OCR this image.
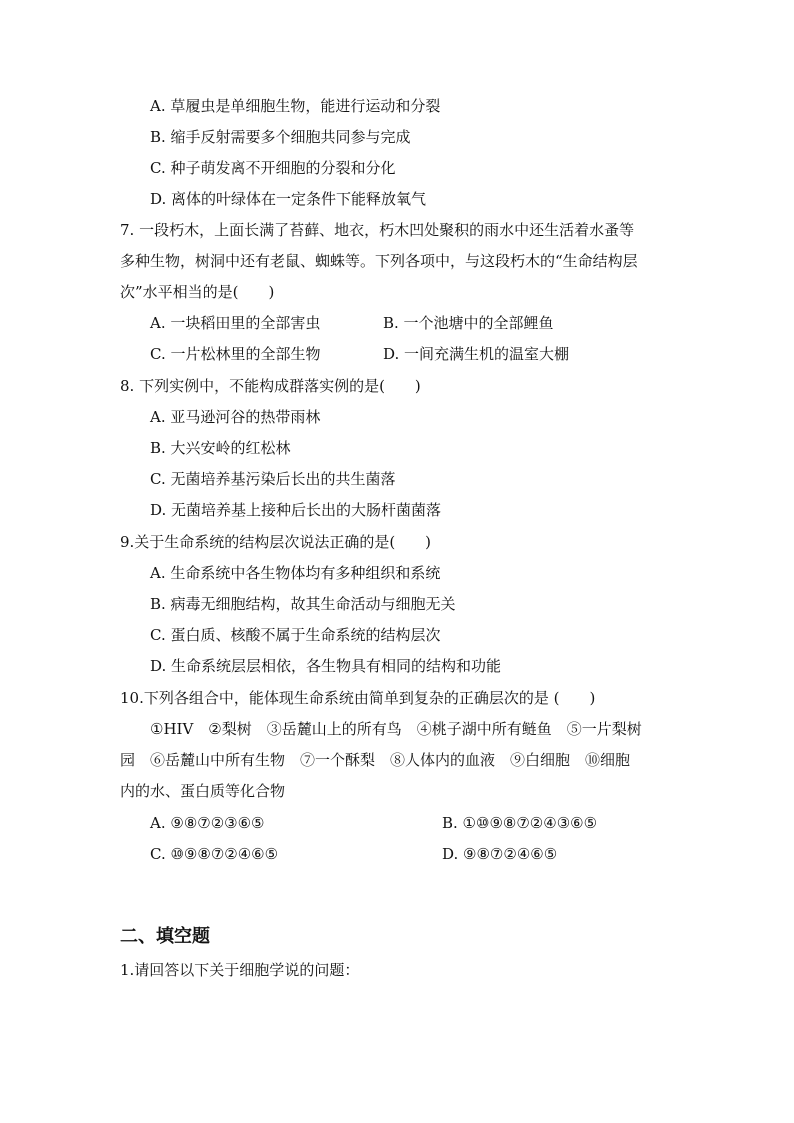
A. 草履虫是单细胞生物，能进行运动和分裂
B. 缩手反射需要多个细胞共同参与完成
C. 种子萌发离不开细胞的分裂和分化
D. 离体的叶绿体在一定条件下能释放氧气
7. 一段朽木，上面长满了苔藓、地衣，朽木凹处聚积的雨水中还生活着水蚤等
多种生物，树洞中还有老鼠、蜘蛛等。下列各项中，与这段朽木的“生命结构层
次”水平相当的是(　　)
A. 一块稻田里的全部害虫	B. 一个池塘中的全部鲤鱼
C. 一片松林里的全部生物	D. 一间充满生机的温室大棚
8. 下列实例中，不能构成群落实例的是(　　)
A. 亚马逊河谷的热带雨林
B. 大兴安岭的红松林
C. 无菌培养基污染后长出的共生菌落
D. 无菌培养基上接种后长出的大肠杆菌菌落
9.关于生命系统的结构层次说法正确的是(　　)
A. 生命系统中各生物体均有多种组织和系统
B. 病毒无细胞结构，故其生命活动与细胞无关
C. 蛋白质、核酸不属于生命系统的结构层次
D. 生命系统层层相依，各生物具有相同的结构和功能
10.下列各组合中，能体现生命系统由简单到复杂的正确层次的是 (　　)
①HIV　②梨树　③岳麓山上的所有鸟　④桃子湖中所有鲢鱼　⑤一片梨树
园　⑥岳麓山中所有生物　⑦一个酥梨　⑧人体内的血液　⑨白细胞　⑩细胞
内的水、蛋白质等化合物
A. ⑨⑧⑦②③⑥⑤	B. ①⑩⑨⑧⑦②④③⑥⑤
C. ⑩⑨⑧⑦②④⑥⑤	D. ⑨⑧⑦②④⑥⑤
二、填空题
1.请回答以下关于细胞学说的问题：
